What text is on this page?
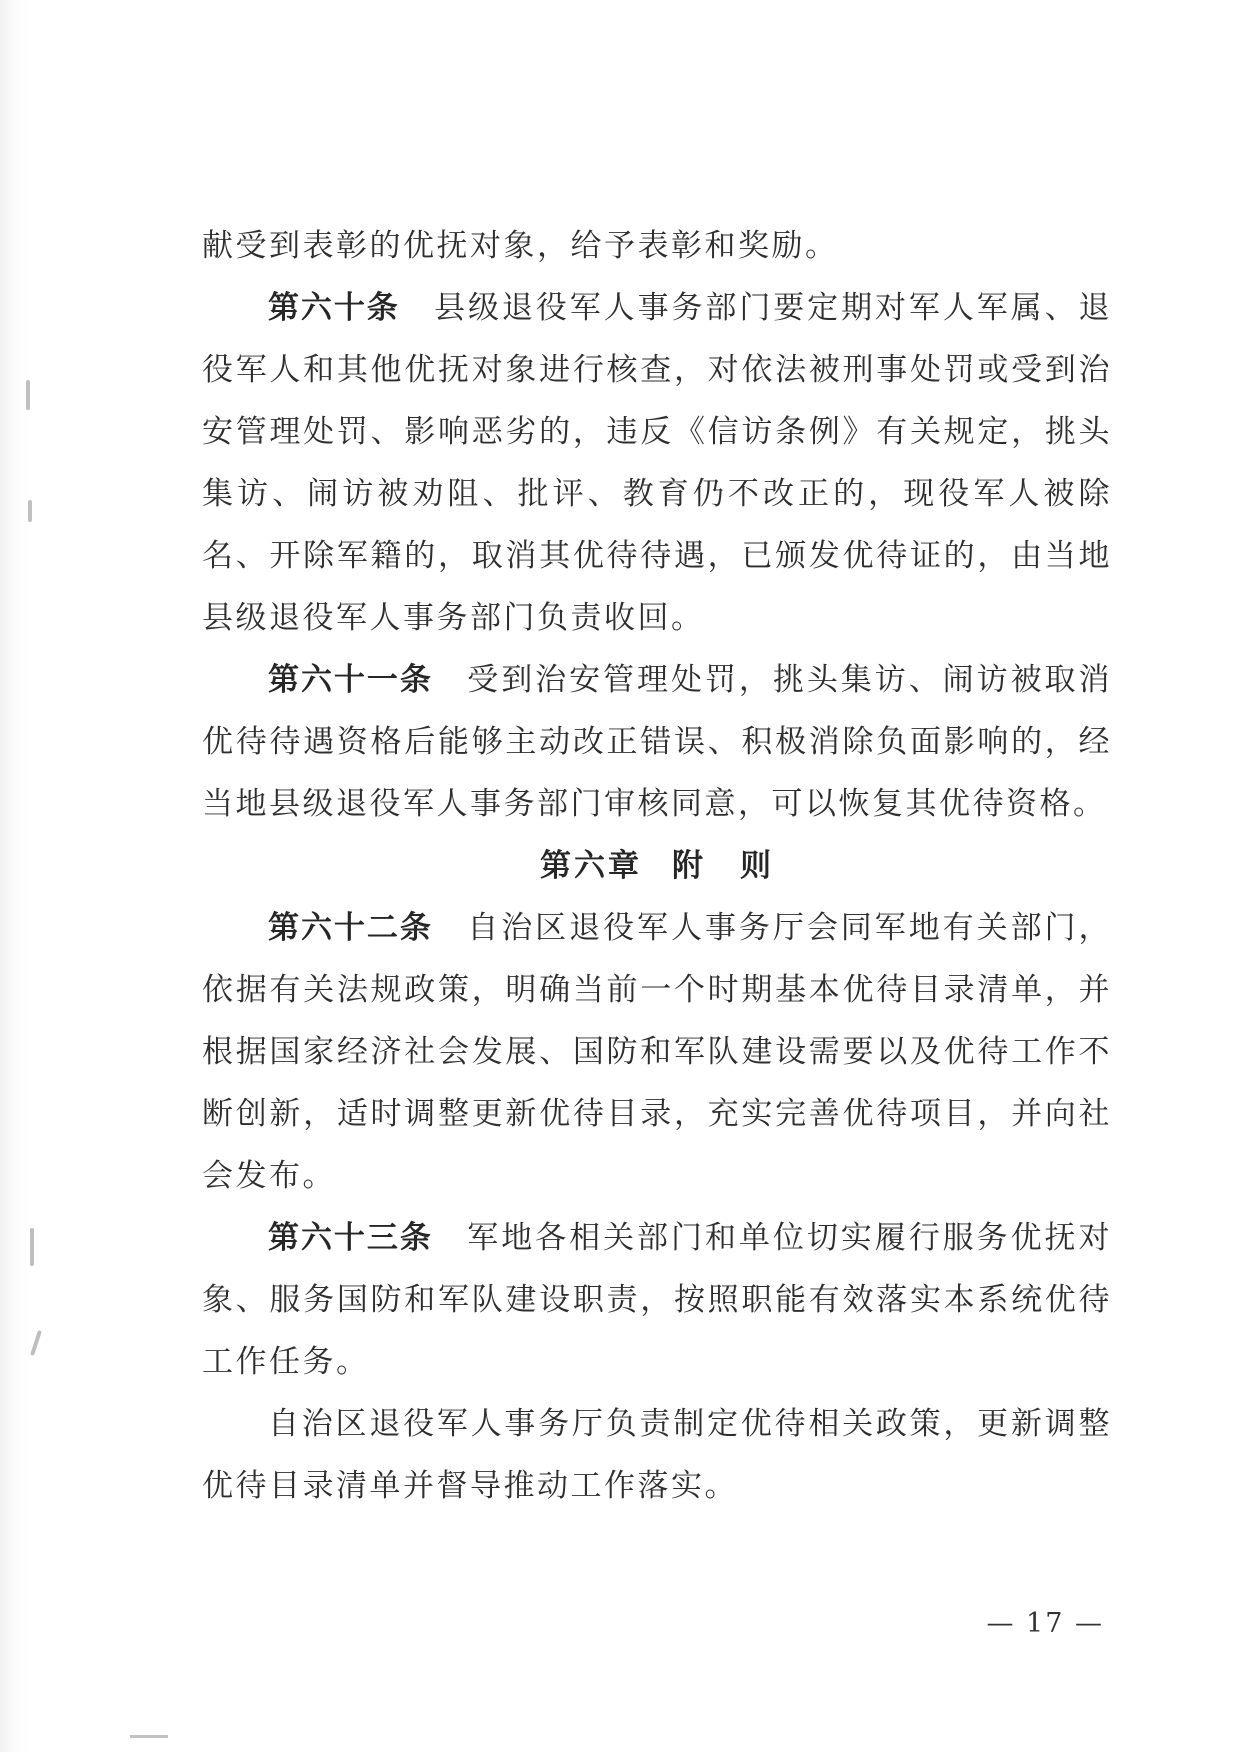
献受到表彰的优抚对象，给予表彰和奖励。

第六十条 县级退役军人事务部门要定期对军人军属、退役军人和其他优抚对象进行核查，对依法被刑事处罚或受到治安管理处罚、影响恶劣的，违反《信访条例》有关规定，挑头集访、闹访被劝阻、批评、教育仍不改正的，现役军人被除名、开除军籍的，取消其优待待遇，已颁发优待证的，由当地县级退役军人事务部门负责收回。

第六十一条 受到治安管理处罚，挑头集访、闹访被取消优待待遇资格后能够主动改正错误、积极消除负面影响的，经当地县级退役军人事务部门审核同意，可以恢复其优待资格。

第六章 附　则

第六十二条 自治区退役军人事务厅会同军地有关部门，依据有关法规政策，明确当前一个时期基本优待目录清单，并根据国家经济社会发展、国防和军队建设需要以及优待工作不断创新，适时调整更新优待目录，充实完善优待项目，并向社会发布。

第六十三条 军地各相关部门和单位切实履行服务优抚对象、服务国防和军队建设职责，按照职能有效落实本系统优待工作任务。

自治区退役军人事务厅负责制定优待相关政策，更新调整优待目录清单并督导推动工作落实。

— 17 —
